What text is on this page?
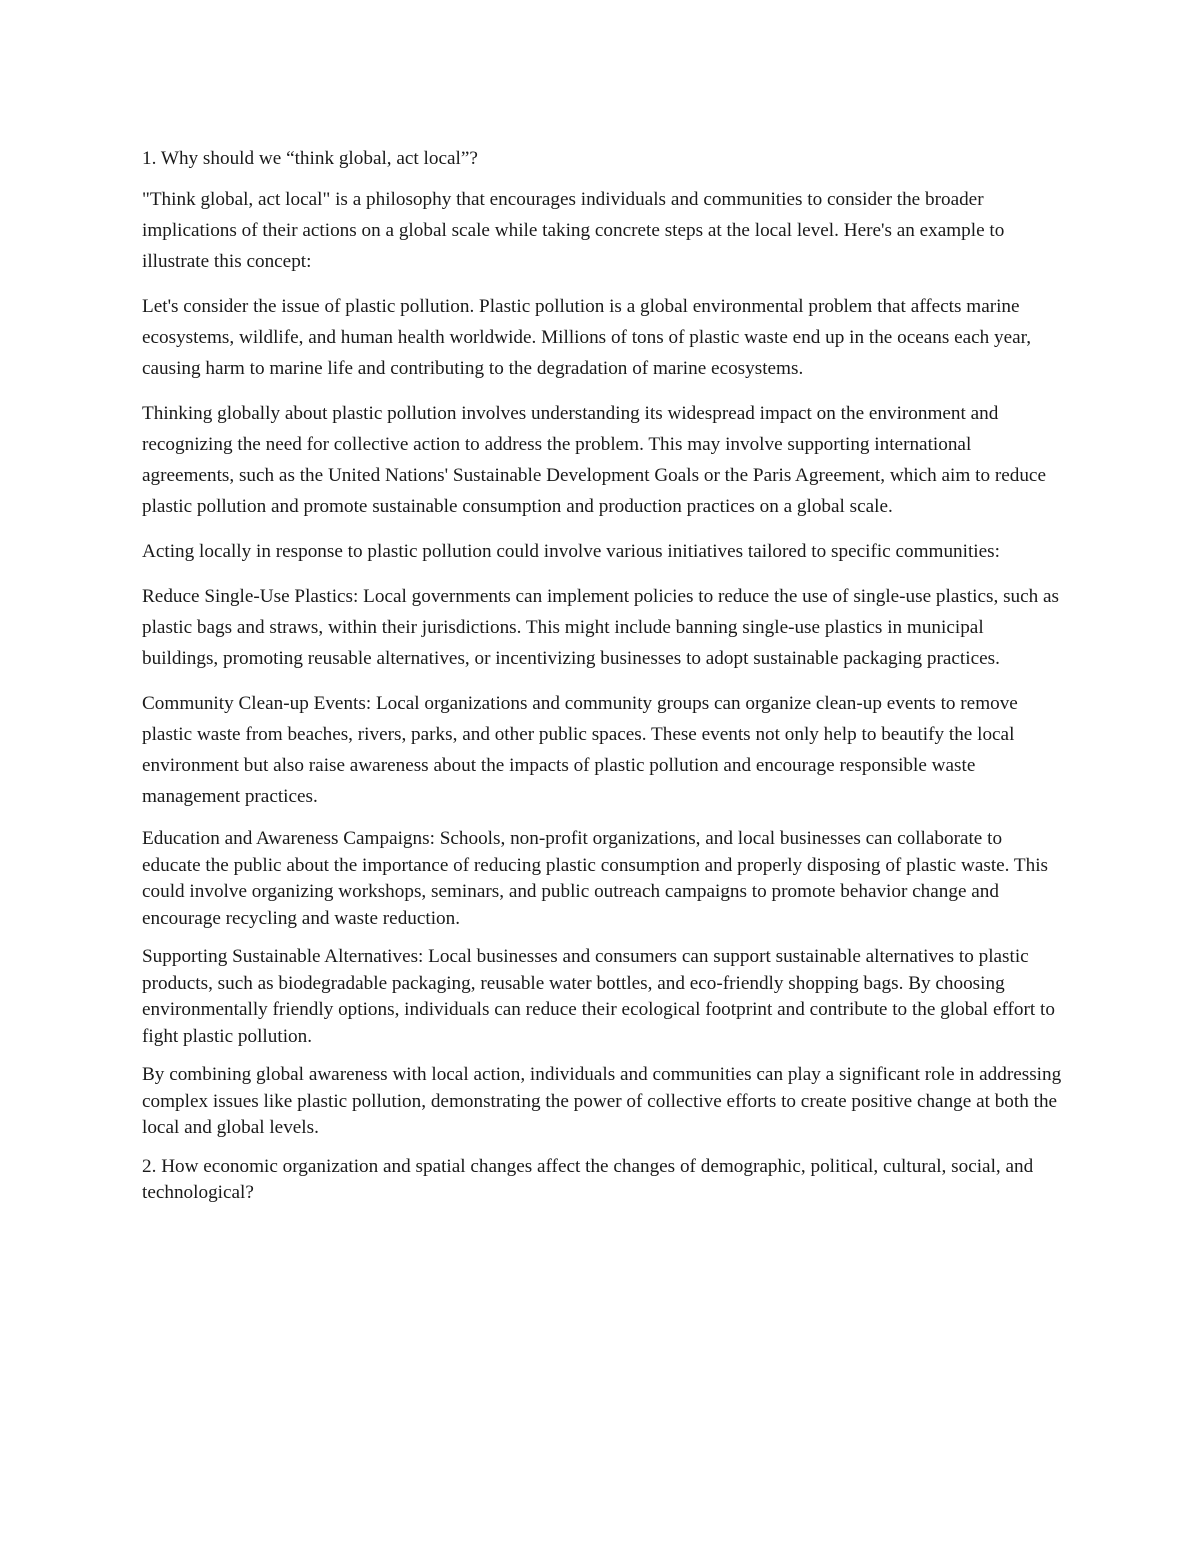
1. Why should we “think global, act local”?

"Think global, act local" is a philosophy that encourages individuals and communities to consider the broader implications of their actions on a global scale while taking concrete steps at the local level. Here's an example to illustrate this concept:

Let's consider the issue of plastic pollution. Plastic pollution is a global environmental problem that affects marine ecosystems, wildlife, and human health worldwide. Millions of tons of plastic waste end up in the oceans each year, causing harm to marine life and contributing to the degradation of marine ecosystems.

Thinking globally about plastic pollution involves understanding its widespread impact on the environment and recognizing the need for collective action to address the problem. This may involve supporting international agreements, such as the United Nations' Sustainable Development Goals or the Paris Agreement, which aim to reduce plastic pollution and promote sustainable consumption and production practices on a global scale.

Acting locally in response to plastic pollution could involve various initiatives tailored to specific communities:

Reduce Single-Use Plastics: Local governments can implement policies to reduce the use of single-use plastics, such as plastic bags and straws, within their jurisdictions. This might include banning single-use plastics in municipal buildings, promoting reusable alternatives, or incentivizing businesses to adopt sustainable packaging practices.

Community Clean-up Events: Local organizations and community groups can organize clean-up events to remove plastic waste from beaches, rivers, parks, and other public spaces. These events not only help to beautify the local environment but also raise awareness about the impacts of plastic pollution and encourage responsible waste management practices.

Education and Awareness Campaigns: Schools, non-profit organizations, and local businesses can collaborate to educate the public about the importance of reducing plastic consumption and properly disposing of plastic waste. This could involve organizing workshops, seminars, and public outreach campaigns to promote behavior change and encourage recycling and waste reduction.

Supporting Sustainable Alternatives: Local businesses and consumers can support sustainable alternatives to plastic products, such as biodegradable packaging, reusable water bottles, and eco-friendly shopping bags. By choosing environmentally friendly options, individuals can reduce their ecological footprint and contribute to the global effort to fight plastic pollution.

By combining global awareness with local action, individuals and communities can play a significant role in addressing complex issues like plastic pollution, demonstrating the power of collective efforts to create positive change at both the local and global levels.

2. How economic organization and spatial changes affect the changes of demographic, political, cultural, social, and technological?
